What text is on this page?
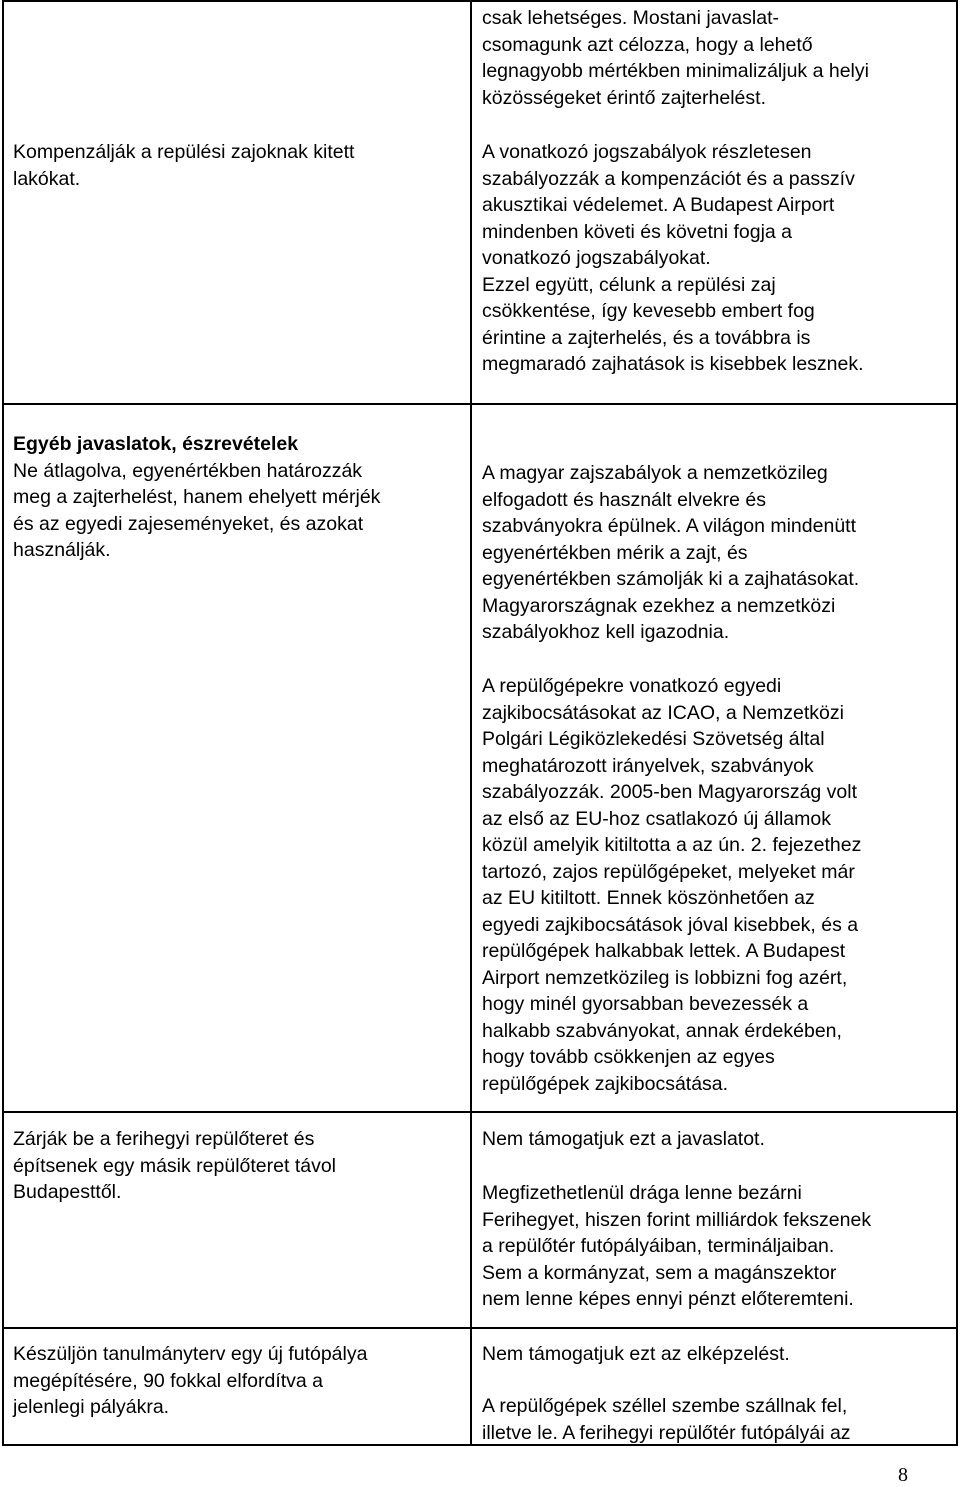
csak lehetséges. Mostani javaslat-

csomagunk azt célozza, hogy a lehető

legnagyobb mértékben minimalizáljuk a helyi

közösségeket érintő zajterhelést.

Kompenzálják a repülési zajoknak kitett

lakókat.

A vonatkozó jogszabályok részletesen

szabályozzák a kompenzációt és a passzív

akusztikai védelemet. A Budapest Airport

mindenben követi és követni fogja a

vonatkozó jogszabályokat.

Ezzel együtt, célunk a repülési zaj

csökkentése, így kevesebb embert fog

érintine a zajterhelés, és a továbbra is

megmaradó zajhatások is kisebbek lesznek.

Egyéb javaslatok, észrevételek

Ne átlagolva, egyenértékben határozzák

meg a zajterhelést, hanem ehelyett mérjék

és az egyedi zajeseményeket, és azokat

használják.

A magyar zajszabályok a nemzetközileg

elfogadott és használt elvekre és

szabványokra épülnek. A világon mindenütt

egyenértékben mérik a zajt, és

egyenértékben számolják ki a zajhatásokat.

Magyarországnak ezekhez a nemzetközi

szabályokhoz kell igazodnia.

A repülőgépekre vonatkozó egyedi

zajkibocsátásokat az ICAO, a Nemzetközi

Polgári Légiközlekedési Szövetség által

meghatározott irányelvek, szabványok

szabályozzák. 2005-ben Magyarország volt

az első az EU-hoz csatlakozó új államok

közül amelyik kitiltotta a az ún. 2. fejezethez

tartozó, zajos repülőgépeket, melyeket már

az EU kitiltott. Ennek köszönhetően az

egyedi zajkibocsátások jóval kisebbek, és a

repülőgépek halkabbak lettek. A Budapest

Airport nemzetközileg is lobbizni fog azért,

hogy minél gyorsabban bevezessék a

halkabb szabványokat, annak érdekében,

hogy tovább csökkenjen az egyes

repülőgépek zajkibocsátása.

Zárják be a ferihegyi repülőteret és

építsenek egy másik repülőteret távol

Budapesttől.

Nem támogatjuk ezt a javaslatot.

Megfizethetlenül drága lenne bezárni

Ferihegyet, hiszen forint milliárdok fekszenek

a repülőtér futópályáiban, termináljaiban.

Sem a kormányzat, sem a magánszektor

nem lenne képes ennyi pénzt előteremteni.

Készüljön tanulmányterv egy új futópálya

megépítésére, 90 fokkal elfordítva a

jelenlegi pályákra.

Nem támogatjuk ezt az elképzelést.

A repülőgépek széllel szembe szállnak fel,

illetve le. A ferihegyi repülőtér futópályái az

8
